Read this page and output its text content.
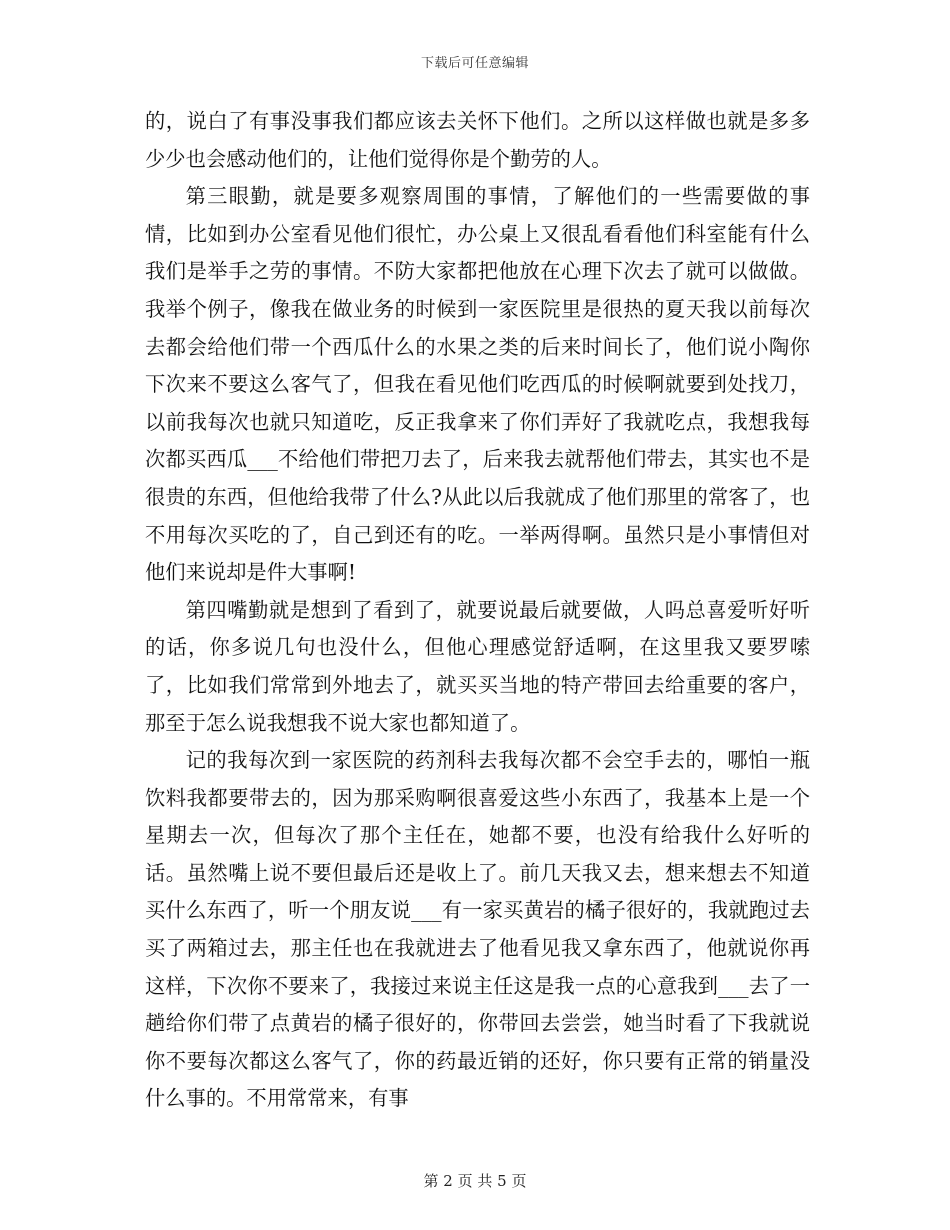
下载后可任意编辑

的，说白了有事没事我们都应该去关怀下他们。之所以这样做也就是多多少少也会感动他们的，让他们觉得你是个勤劳的人。

第三眼勤，就是要多观察周围的事情，了解他们的一些需要做的事情，比如到办公室看见他们很忙，办公桌上又很乱看看他们科室能有什么我们是举手之劳的事情。不防大家都把他放在心理下次去了就可以做做。我举个例子，像我在做业务的时候到一家医院里是很热的夏天我以前每次去都会给他们带一个西瓜什么的水果之类的后来时间长了，他们说小陶你下次来不要这么客气了，但我在看见他们吃西瓜的时候啊就要到处找刀，以前我每次也就只知道吃，反正我拿来了你们弄好了我就吃点，我想我每次都买西瓜___不给他们带把刀去了，后来我去就帮他们带去，其实也不是很贵的东西，但他给我带了什么?从此以后我就成了他们那里的常客了，也不用每次买吃的了，自己到还有的吃。一举两得啊。虽然只是小事情但对他们来说却是件大事啊!

第四嘴勤就是想到了看到了，就要说最后就要做，人吗总喜爱听好听的话，你多说几句也没什么，但他心理感觉舒适啊，在这里我又要罗嗦了，比如我们常常到外地去了，就买买当地的特产带回去给重要的客户，那至于怎么说我想我不说大家也都知道了。

记的我每次到一家医院的药剂科去我每次都不会空手去的，哪怕一瓶饮料我都要带去的，因为那采购啊很喜爱这些小东西了，我基本上是一个星期去一次，但每次了那个主任在，她都不要，也没有给我什么好听的话。虽然嘴上说不要但最后还是收上了。前几天我又去，想来想去不知道买什么东西了，听一个朋友说___有一家买黄岩的橘子很好的，我就跑过去买了两箱过去，那主任也在我就进去了他看见我又拿东西了，他就说你再这样，下次你不要来了，我接过来说主任这是我一点的心意我到___去了一趟给你们带了点黄岩的橘子很好的，你带回去尝尝，她当时看了下我就说你不要每次都这么客气了，你的药最近销的还好，你只要有正常的销量没什么事的。不用常常来，有事

第 2 页 共 5 页
